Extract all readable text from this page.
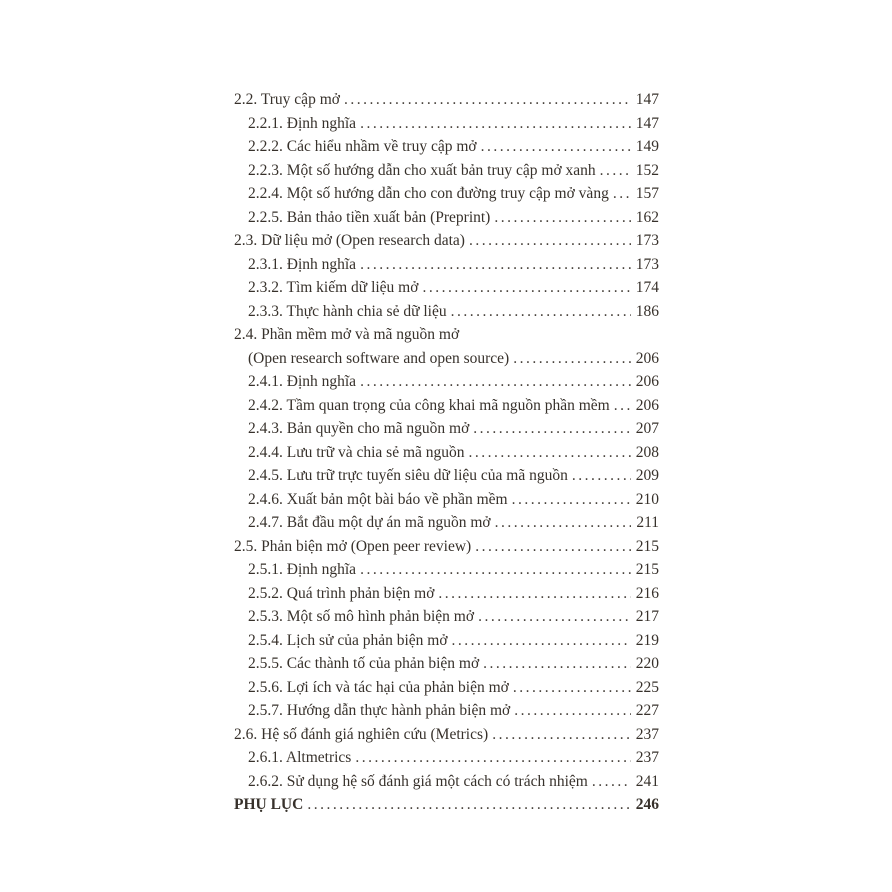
2.2. Truy cập mở .....	147
2.2.1. Định nghĩa .....	147
2.2.2. Các hiểu nhầm về truy cập mở .....	149
2.2.3. Một số hướng dẫn cho xuất bản truy cập mở xanh .....	152
2.2.4. Một số hướng dẫn cho con đường truy cập mở vàng .....	157
2.2.5. Bản thảo tiền xuất bản (Preprint) .....	162
2.3. Dữ liệu mở (Open research data) .....	173
2.3.1. Định nghĩa .....	173
2.3.2. Tìm kiếm dữ liệu mở .....	174
2.3.3. Thực hành chia sẻ dữ liệu .....	186
2.4. Phần mềm mở và mã nguồn mở
(Open research software and open source) .....	206
2.4.1. Định nghĩa .....	206
2.4.2. Tầm quan trọng của công khai mã nguồn phần mềm .....	206
2.4.3. Bản quyền cho mã nguồn mở .....	207
2.4.4. Lưu trữ và chia sẻ mã nguồn .....	208
2.4.5. Lưu trữ trực tuyến siêu dữ liệu của mã nguồn .....	209
2.4.6. Xuất bản một bài báo về phần mềm .....	210
2.4.7. Bắt đầu một dự án mã nguồn mở .....	211
2.5. Phản biện mở (Open peer review) .....	215
2.5.1. Định nghĩa .....	215
2.5.2. Quá trình phản biện mở .....	216
2.5.3. Một số mô hình phản biện mở .....	217
2.5.4. Lịch sử của phản biện mở .....	219
2.5.5. Các thành tố của phản biện mở .....	220
2.5.6. Lợi ích và tác hại của phản biện mở .....	225
2.5.7. Hướng dẫn thực hành phản biện mở .....	227
2.6. Hệ số đánh giá nghiên cứu (Metrics) .....	237
2.6.1. Altmetrics .....	237
2.6.2. Sử dụng hệ số đánh giá một cách có trách nhiệm .....	241
PHỤ LỤC .....	246
